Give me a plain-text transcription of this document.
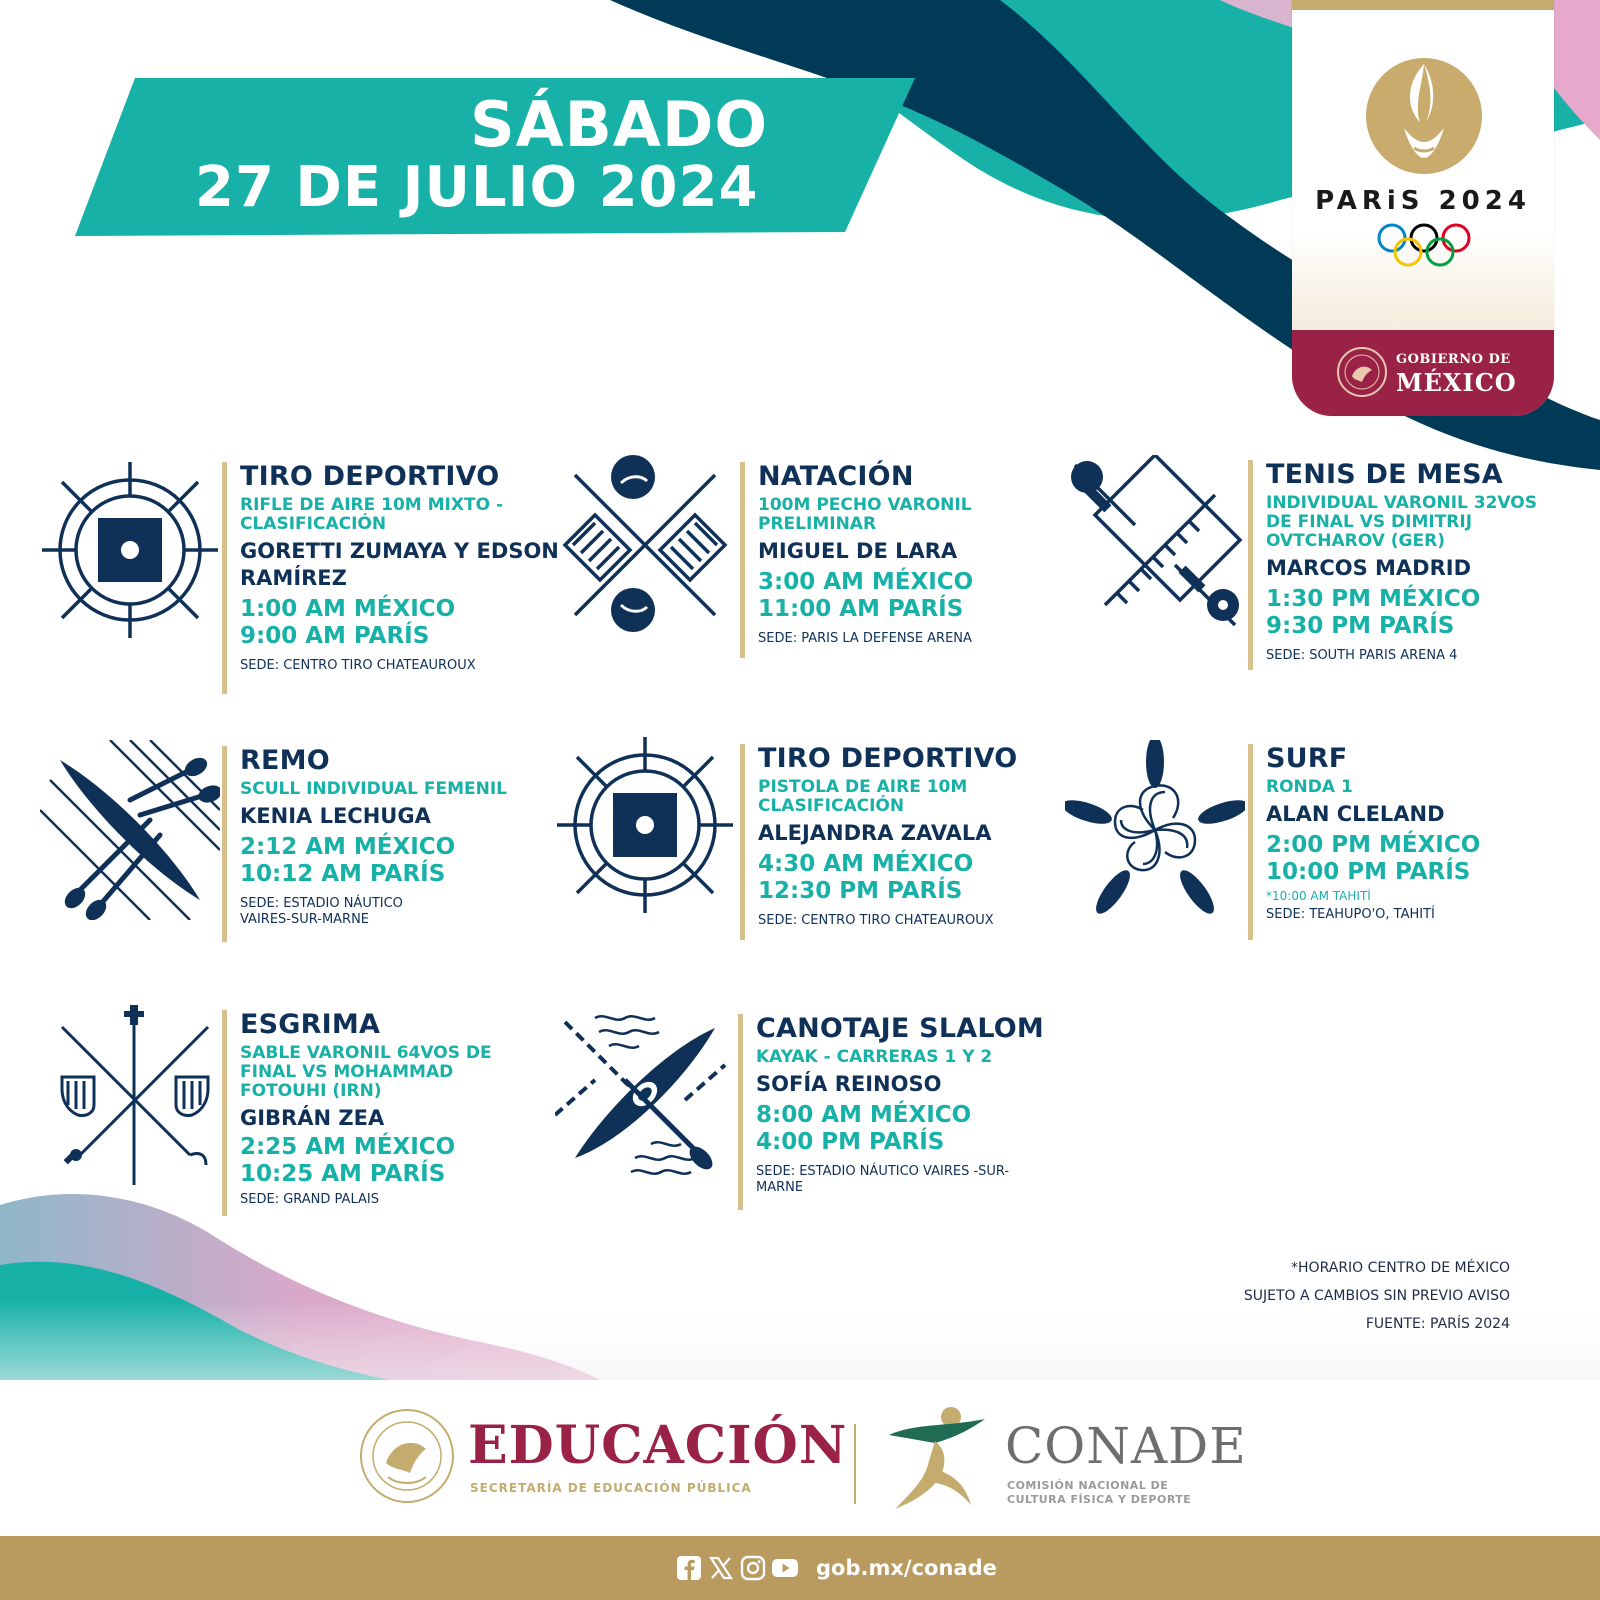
SÁBADO
27 DE JULIO 2024	PARiS 2024
GOBIERNO DE
MÉXICO
TIRO DEPORTIVO
RIFLE DE AIRE 10M MIXTO - CLASIFICACIÓN
GORETTI ZUMAYA Y EDSON RAMÍREZ
1:00 AM MÉXICO
9:00 AM PARÍS
SEDE: CENTRO TIRO CHATEAUROUX
NATACIÓN
100M PECHO VARONIL PRELIMINAR
MIGUEL DE LARA
3:00 AM MÉXICO
11:00 AM PARÍS
SEDE: PARIS LA DEFENSE ARENA
TENIS DE MESA
INDIVIDUAL VARONIL 32VOS DE FINAL VS DIMITRIJ OVTCHAROV (GER)
MARCOS MADRID
1:30 PM MÉXICO
9:30 PM PARÍS
SEDE: SOUTH PARIS ARENA 4
REMO
SCULL INDIVIDUAL FEMENIL
KENIA LECHUGA
2:12 AM MÉXICO
10:12 AM PARÍS
SEDE: ESTADIO NÁUTICO VAIRES-SUR-MARNE
TIRO DEPORTIVO
PISTOLA DE AIRE 10M CLASIFICACIÓN
ALEJANDRA ZAVALA
4:30 AM MÉXICO
12:30 PM PARÍS
SEDE: CENTRO TIRO CHATEAUROUX
SURF
RONDA 1
ALAN CLELAND
2:00 PM MÉXICO
10:00 PM PARÍS
*10:00 AM TAHITÍ
SEDE: TEAHUPO'O, TAHITÍ
ESGRIMA
SABLE VARONIL 64VOS DE FINAL VS MOHAMMAD FOTOUHI (IRN)
GIBRÁN ZEA
2:25 AM MÉXICO
10:25 AM PARÍS
SEDE: GRAND PALAIS
CANOTAJE SLALOM
KAYAK - CARRERAS 1 Y 2
SOFÍA REINOSO
8:00 AM MÉXICO
4:00 PM PARÍS
SEDE: ESTADIO NÁUTICO VAIRES -SUR-MARNE
*HORARIO CENTRO DE MÉXICO
SUJETO A CAMBIOS SIN PREVIO AVISO
FUENTE: PARÍS 2024
EDUCACIÓN
SECRETARÍA DE EDUCACIÓN PÚBLICA
CONADE
COMISIÓN NACIONAL DE
CULTURA FÍSICA Y DEPORTE
gob.mx/conade
